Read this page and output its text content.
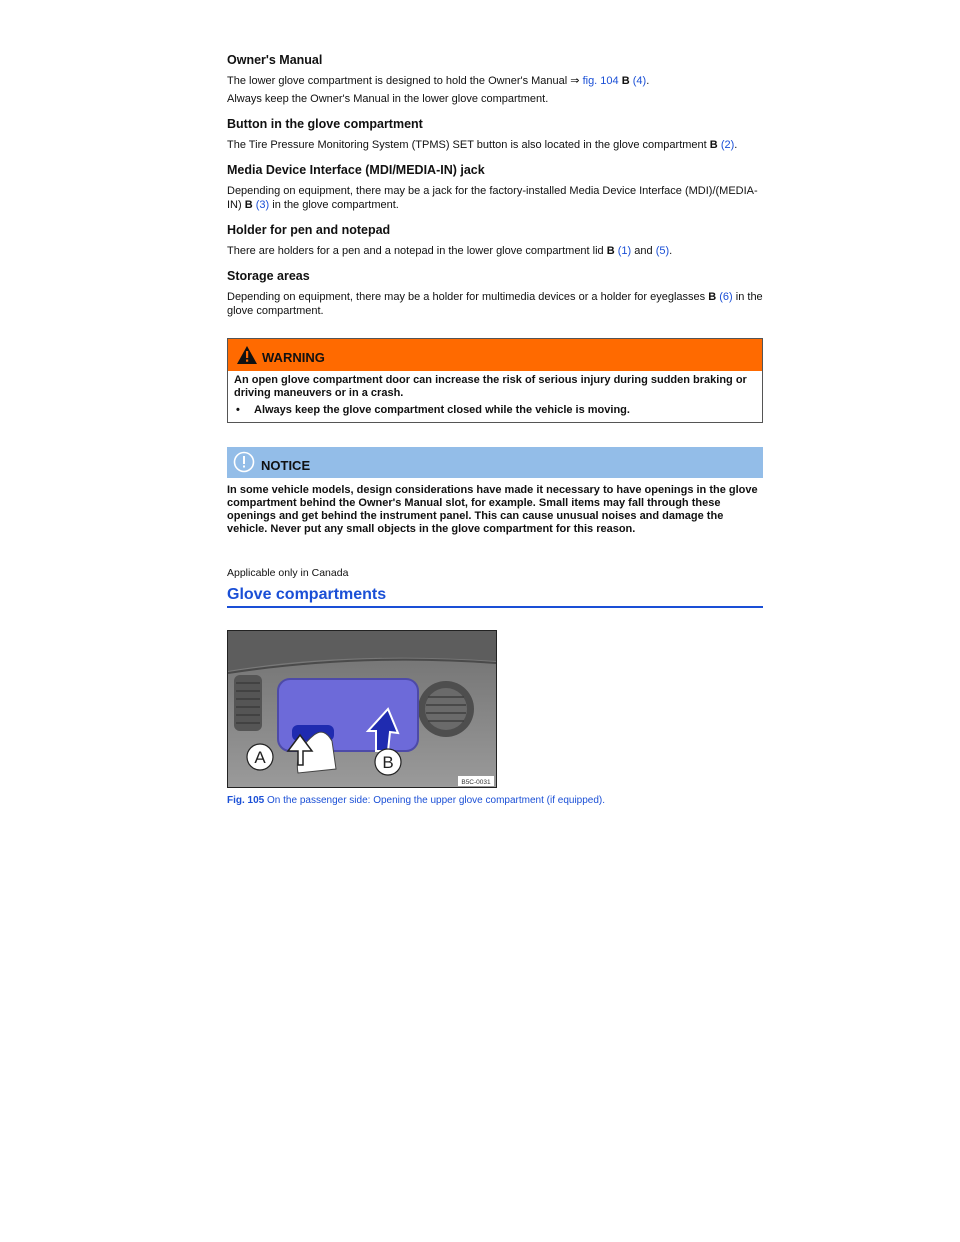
Owner's Manual

The lower glove compartment is designed to hold the Owner's Manual ⇒ fig. 104 B (4).

Always keep the Owner's Manual in the lower glove compartment.

Button in the glove compartment

The Tire Pressure Monitoring System (TPMS) SET button is also located in the glove compartment B (2).

Media Device Interface (MDI/MEDIA-IN) jack

Depending on equipment, there may be a jack for the factory-installed Media Device Interface (MDI)/(MEDIA-IN) B (3) in the glove compartment.

Holder for pen and notepad

There are holders for a pen and a notepad in the lower glove compartment lid B (1) and (5).

Storage areas

Depending on equipment, there may be a holder for multimedia devices or a holder for eyeglasses B (6) in the glove compartment.

WARNING
An open glove compartment door can increase the risk of serious injury during sudden braking or driving maneuvers or in a crash.
•	Always keep the glove compartment closed while the vehicle is moving.
NOTICE
In some vehicle models, design considerations have made it necessary to have openings in the glove compartment behind the Owner's Manual slot, for example. Small items may fall through these openings and get behind the instrument panel. This can cause unusual noises and damage the vehicle. Never put any small objects in the glove compartment for this reason.
Applicable only in Canada
Glove compartments
A	B
B5C-0031
Fig. 105 On the passenger side: Opening the upper glove compartment (if equipped).
